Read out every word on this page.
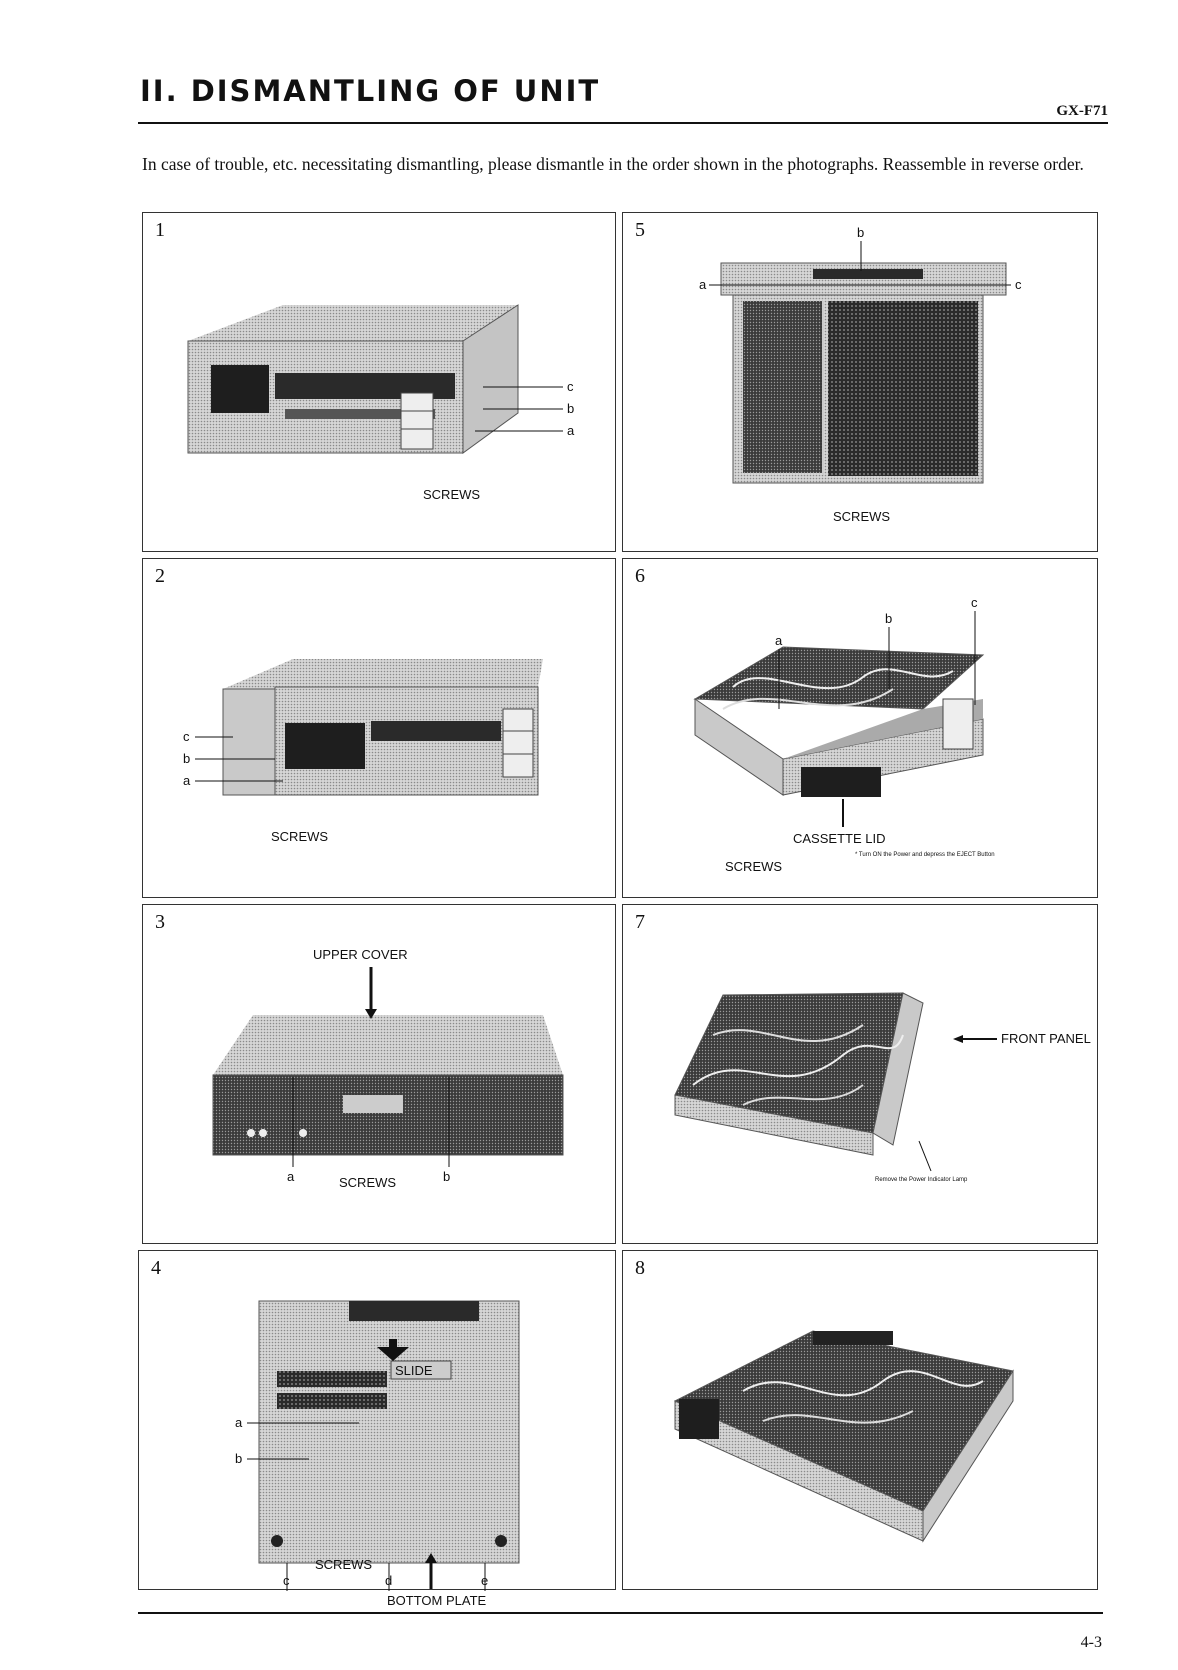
II. DISMANTLING OF UNIT
GX-F71

In case of trouble, etc. necessitating dismantling, please dismantle in the order shown in the photographs. Reassemble in reverse order.

1
c
b
a
SCREWS
5
a
b
c
SCREWS
2
c
b
a
SCREWS
6
a
b
c
CASSETTE LID
* Turn ON the Power and depress the EJECT Button
SCREWS
3
UPPER COVER
a	b
SCREWS
7
FRONT PANEL
Remove the Power Indicator Lamp
4
SLIDE
a
b
c	d	e
BOTTOM PLATE
SCREWS
8
4-3
